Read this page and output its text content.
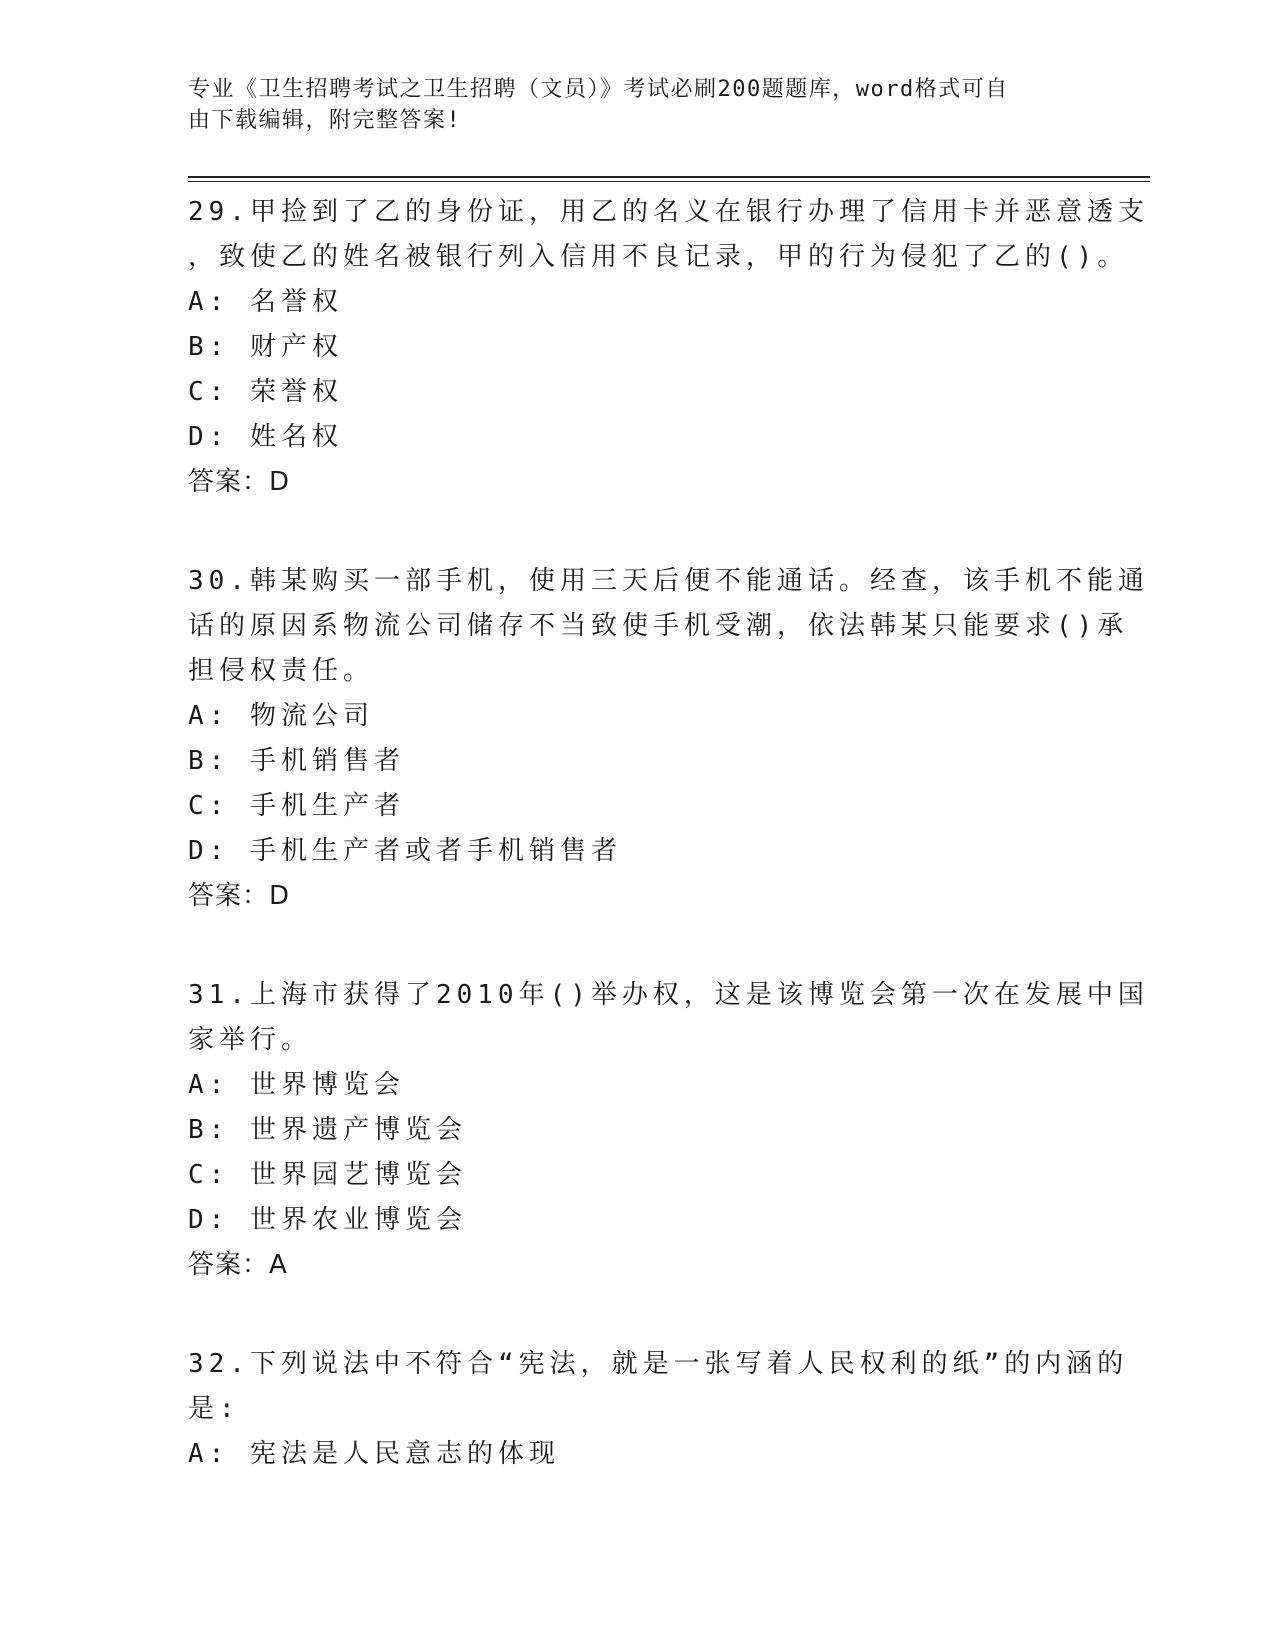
专业《卫生招聘考试之卫生招聘（文员）》考试必刷200题题库，word格式可自
由下载编辑，附完整答案!
29.甲捡到了乙的身份证，用乙的名义在银行办理了信用卡并恶意透支
，致使乙的姓名被银行列入信用不良记录，甲的行为侵犯了乙的()。
A: 名誉权
B: 财产权
C: 荣誉权
D: 姓名权
答案：D
30.韩某购买一部手机，使用三天后便不能通话。经查，该手机不能通
话的原因系物流公司储存不当致使手机受潮，依法韩某只能要求()承
担侵权责任。
A: 物流公司
B: 手机销售者
C: 手机生产者
D: 手机生产者或者手机销售者
答案：D
31.上海市获得了2010年()举办权，这是该博览会第一次在发展中国
家举行。
A: 世界博览会
B: 世界遗产博览会
C: 世界园艺博览会
D: 世界农业博览会
答案：A
32.下列说法中不符合“宪法，就是一张写着人民权利的纸”的内涵的
是:
A: 宪法是人民意志的体现
